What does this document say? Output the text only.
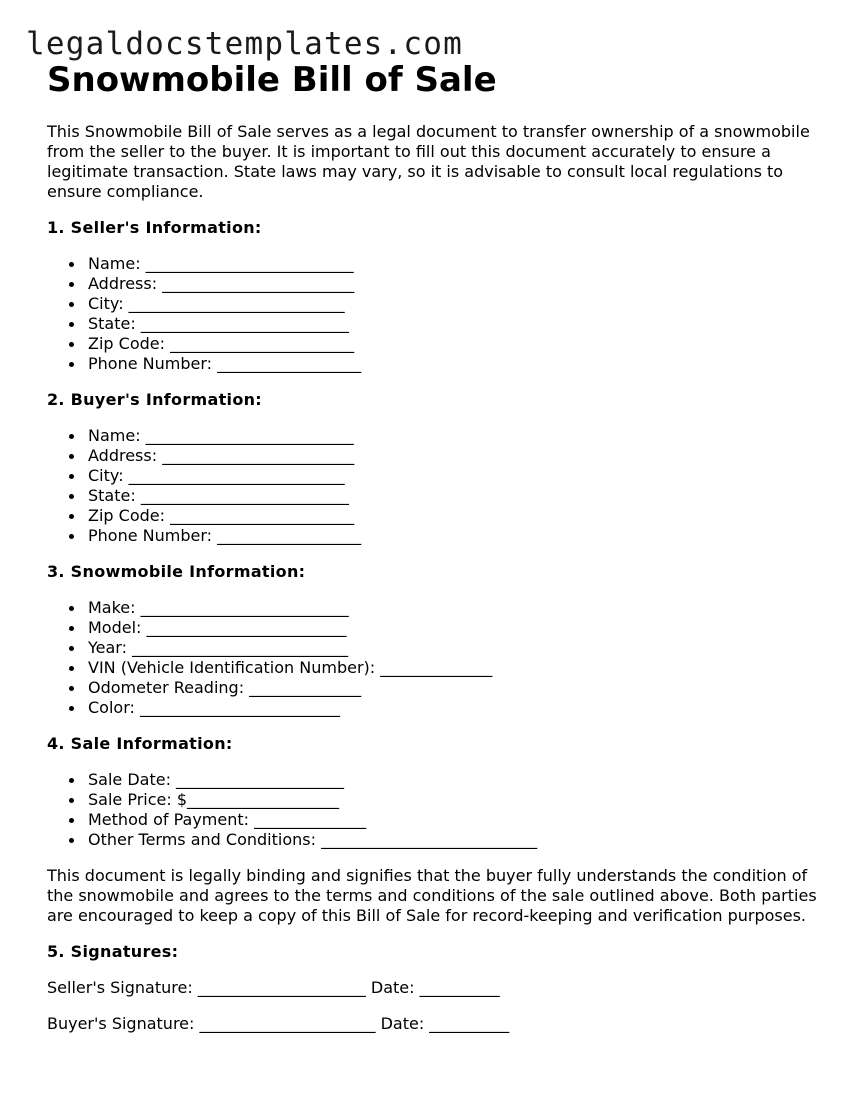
legaldocstemplates.com
Snowmobile Bill of Sale

This Snowmobile Bill of Sale serves as a legal document to transfer ownership of a snowmobile from the seller to the buyer. It is important to fill out this document accurately to ensure a legitimate transaction. State laws may vary, so it is advisable to consult local regulations to ensure compliance.

1. Seller's Information:

Name: __________________________
Address: ________________________
City: ___________________________
State: __________________________
Zip Code: _______________________
Phone Number: __________________

2. Buyer's Information:

Name: __________________________
Address: ________________________
City: ___________________________
State: __________________________
Zip Code: _______________________
Phone Number: __________________

3. Snowmobile Information:

Make: __________________________
Model: _________________________
Year: ___________________________
VIN (Vehicle Identification Number): ______________
Odometer Reading: ______________
Color: _________________________

4. Sale Information:

Sale Date: _____________________
Sale Price: $___________________
Method of Payment: ______________
Other Terms and Conditions: ___________________________

This document is legally binding and signifies that the buyer fully understands the condition of the snowmobile and agrees to the terms and conditions of the sale outlined above. Both parties are encouraged to keep a copy of this Bill of Sale for record-keeping and verification purposes.

5. Signatures:

Seller's Signature: _____________________ Date: __________

Buyer's Signature: ______________________ Date: __________
